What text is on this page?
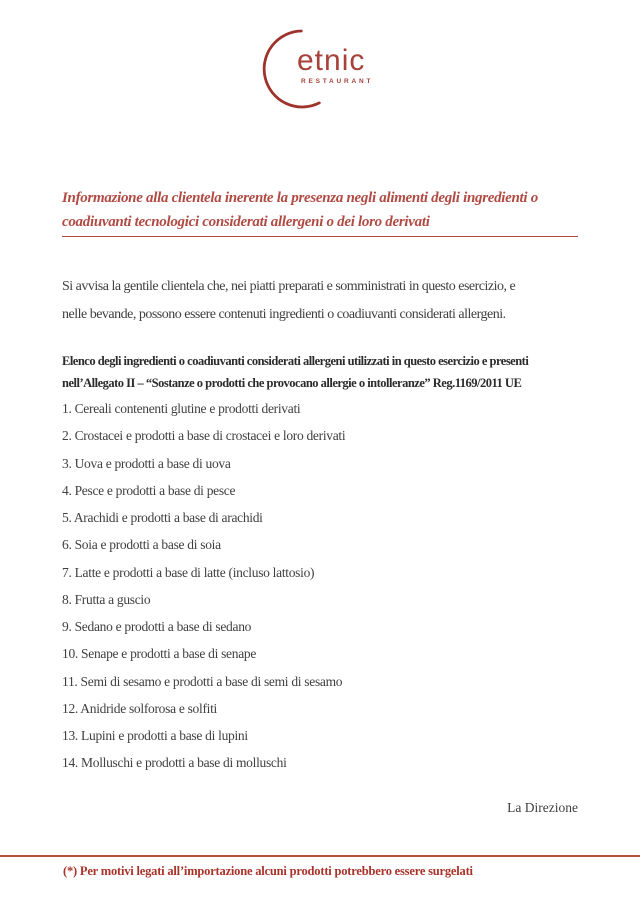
etnic
RESTAURANT
Informazione alla clientela inerente la presenza negli alimenti degli ingredienti o
coadiuvanti tecnologici considerati allergeni o dei loro derivati

Si avvisa la gentile clientela che, nei piatti preparati e somministrati in questo esercizio, e
nelle bevande, possono essere contenuti ingredienti o coadiuvanti considerati allergeni.

Elenco degli ingredienti o coadiuvanti considerati allergeni utilizzati in questo esercizio e presenti
nell’Allegato II – “Sostanze o prodotti che provocano allergie o intolleranze” Reg.1169/2011 UE

1. Cereali contenenti glutine e prodotti derivati
2. Crostacei e prodotti a base di crostacei e loro derivati
3. Uova e prodotti a base di uova
4. Pesce e prodotti a base di pesce
5. Arachidi e prodotti a base di arachidi
6. Soia e prodotti a base di soia
7. Latte e prodotti a base di latte (incluso lattosio)
8. Frutta a guscio
9. Sedano e prodotti a base di sedano
10. Senape e prodotti a base di senape
11. Semi di sesamo e prodotti a base di semi di sesamo
12. Anidride solforosa e solfiti
13. Lupini e prodotti a base di lupini
14. Molluschi e prodotti a base di molluschi
La Direzione
(*) Per motivi legati all’importazione alcuni prodotti potrebbero essere surgelati
